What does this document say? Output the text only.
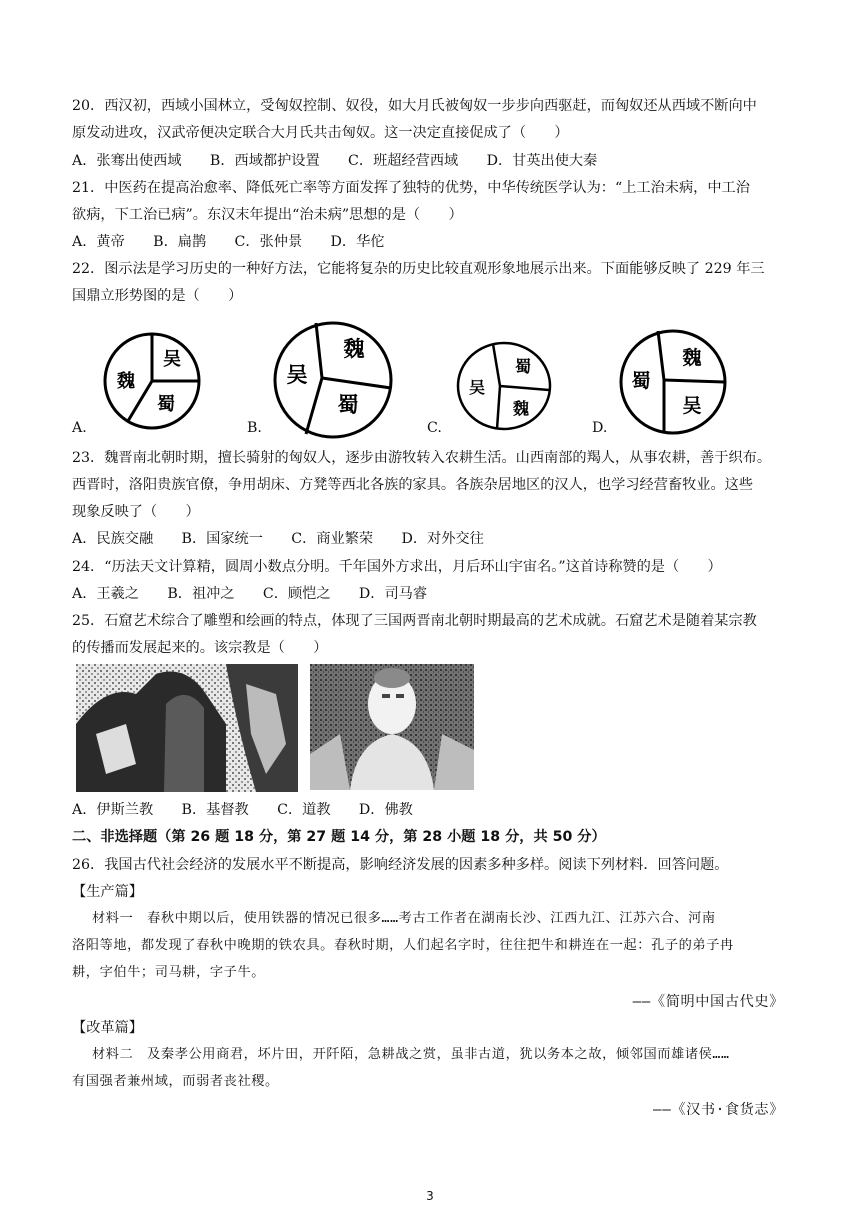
20．西汉初，西域小国林立，受匈奴控制、奴役，如大月氏被匈奴一步步向西驱赶，而匈奴还从西域不断向中
原发动进攻，汉武帝便决定联合大月氏共击匈奴。这一决定直接促成了（　　）
A．张骞出使西域　　B．西域都护设置　　C．班超经营西域　　D．甘英出使大秦
21．中医药在提高治愈率、降低死亡率等方面发挥了独特的优势，中华传统医学认为：“上工治未病，中工治
欲病，下工治已病”。东汉末年提出“治未病”思想的是（　　）
A．黄帝　　B．扁鹊　　C．张仲景　　D．华佗
22．图示法是学习历史的一种好方法，它能将复杂的历史比较直观形象地展示出来。下面能够反映了 229 年三
国鼎立形势图的是（　　）
A.
吴
魏
蜀
B.
魏
吴
蜀
C.
蜀
吴
魏
D.
魏
蜀
吴
23．魏晋南北朝时期，擅长骑射的匈奴人，逐步由游牧转入农耕生活。山西南部的羯人，从事农耕，善于织布。
西晋时，洛阳贵族官僚，争用胡床、方凳等西北各族的家具。各族杂居地区的汉人，也学习经营畜牧业。这些
现象反映了（　　）
A．民族交融　　B．国家统一　　C．商业繁荣　　D．对外交往
24．“历法天文计算精，圆周小数点分明。千年国外方求出，月后环山宇宙名。”这首诗称赞的是（　　）
A．王羲之　　B．祖冲之　　C．顾恺之　　D．司马睿
25．石窟艺术综合了雕塑和绘画的特点，体现了三国两晋南北朝时期最高的艺术成就。石窟艺术是随着某宗教
的传播而发展起来的。该宗教是（　　）
A．伊斯兰教　　B．基督教　　C．道教　　D．佛教
二、非选择题（第 26 题 18 分，第 27 题 14 分，第 28 小题 18 分，共 50 分）
26．我国古代社会经济的发展水平不断提高，影响经济发展的因素多种多样。阅读下列材料．回答问题。
【生产篇】
材料一　春秋中期以后，使用铁器的情况已很多……考古工作者在湖南长沙、江西九江、江苏六合、河南
洛阳等地，都发现了春秋中晚期的铁农具。春秋时期，人们起名字时，往往把牛和耕连在一起：孔子的弟子冉
耕，字伯牛；司马耕，字子牛。
——《简明中国古代史》
【改革篇】
材料二　及秦孝公用商君，坏片田，开阡陌，急耕战之赏，虽非古道，犹以务本之故，倾邻国而雄诸侯……
有国强者兼州域，而弱者丧社稷。
——《汉书·食货志》
3
